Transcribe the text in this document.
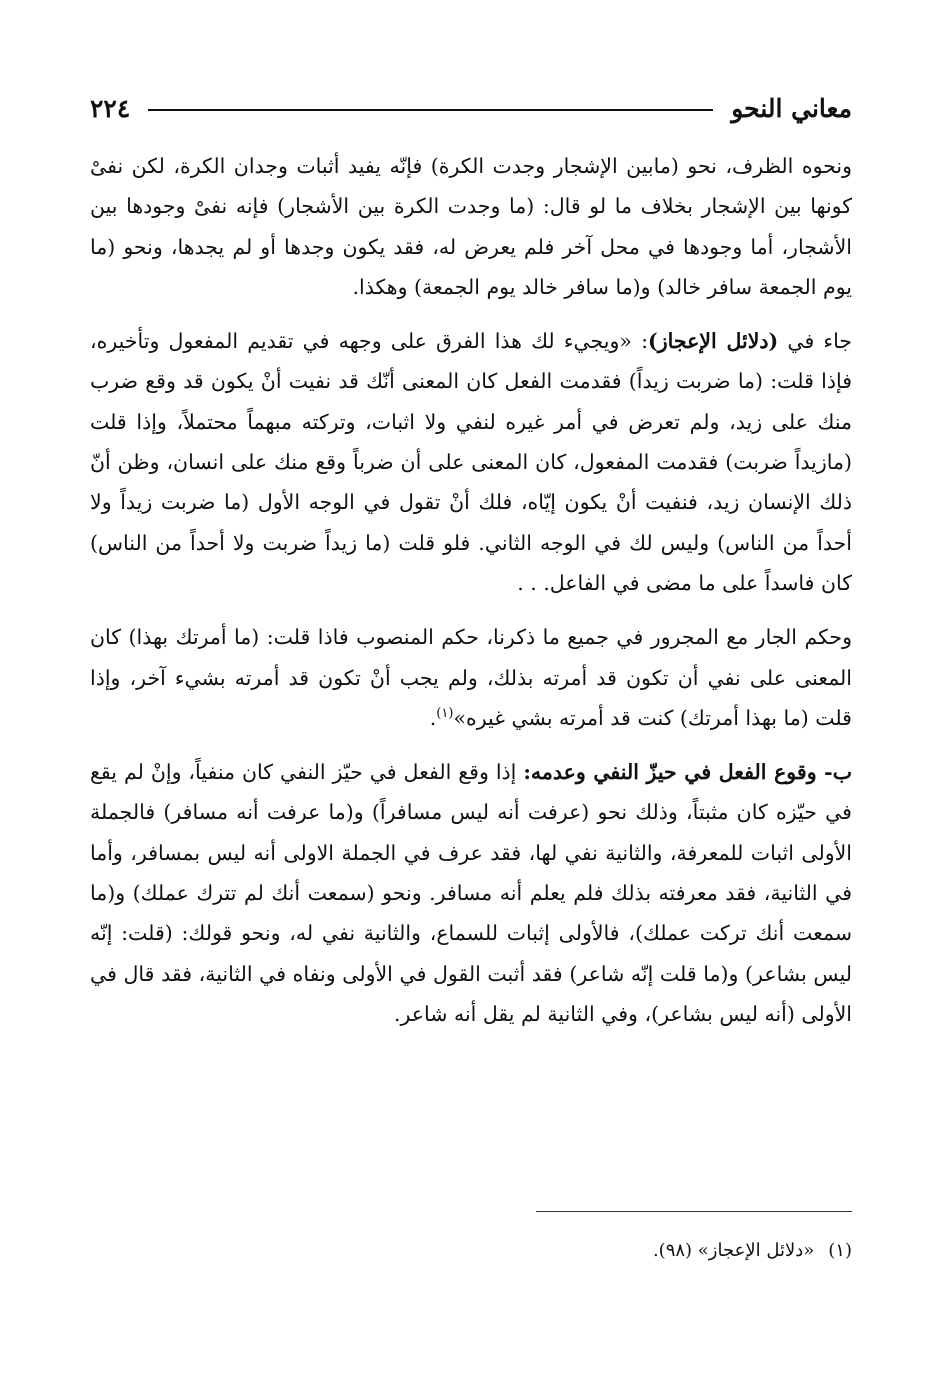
٢٢٤	معاني النحو

ونحوه الظرف، نحو (مابين الإشجار وجدت الكرة) فإنّه يفيد أثبات وجدان الكرة، لكن نفىْ كونها بين الإشجار بخلاف ما لو قال: (ما وجدت الكرة بين الأشجار) فإنه نفىْ وجودها بين الأشجار، أما وجودها في محل آخر فلم يعرض له، فقد يكون وجدها أو لم يجدها، ونحو (ما يوم الجمعة سافر خالد) و(ما سافر خالد يوم الجمعة) وهكذا.

جاء في (دلائل الإعجاز): «ويجيء لك هذا الفرق على وجهه في تقديم المفعول وتأخيره، فإذا قلت: (ما ضربت زيداً) فقدمت الفعل كان المعنى أنّك قد نفيت أنْ يكون قد وقع ضرب منك على زيد، ولم تعرض في أمر غيره لنفي ولا اثبات، وتركته مبهماً محتملاً، وإذا قلت (مازيداً ضربت) فقدمت المفعول، كان المعنى على أن ضرباً وقع منك على انسان، وظن أنّ ذلك الإنسان زيد، فنفيت أنْ يكون إيّاه، فلك أنْ تقول في الوجه الأول (ما ضربت زيداً ولا أحداً من الناس) وليس لك في الوجه الثاني. فلو قلت (ما زيداً ضربت ولا أحداً من الناس) كان فاسداً على ما مضى في الفاعل. . .

وحكم الجار مع المجرور في جميع ما ذكرنا، حكم المنصوب فاذا قلت: (ما أمرتك بهذا) كان المعنى على نفي أن تكون قد أمرته بذلك، ولم يجب أنْ تكون قد أمرته بشيء آخر، وإذا قلت (ما بهذا أمرتك) كنت قد أمرته بشي غيره»$^{(١)}$.

ب- وقوع الفعل في حيزّ النفي وعدمه: إذا وقع الفعل في حيّز النفي كان منفياً، وإنْ لم يقع في حيّزه كان مثبتاً، وذلك نحو (عرفت أنه ليس مسافراً) و(ما عرفت أنه مسافر) فالجملة الأولى اثبات للمعرفة، والثانية نفي لها، فقد عرف في الجملة الاولى أنه ليس بمسافر، وأما في الثانية، فقد معرفته بذلك فلم يعلم أنه مسافر. ونحو (سمعت أنك لم تترك عملك) و(ما سمعت أنك تركت عملك)، فالأولى إثبات للسماع، والثانية نفي له، ونحو قولك: (قلت: إنّه ليس بشاعر) و(ما قلت إنّه شاعر) فقد أثبت القول في الأولى ونفاه في الثانية، فقد قال في الأولى (أنه ليس بشاعر)، وفي الثانية لم يقل أنه شاعر.

(١)«دلائل الإعجاز» (٩٨).
